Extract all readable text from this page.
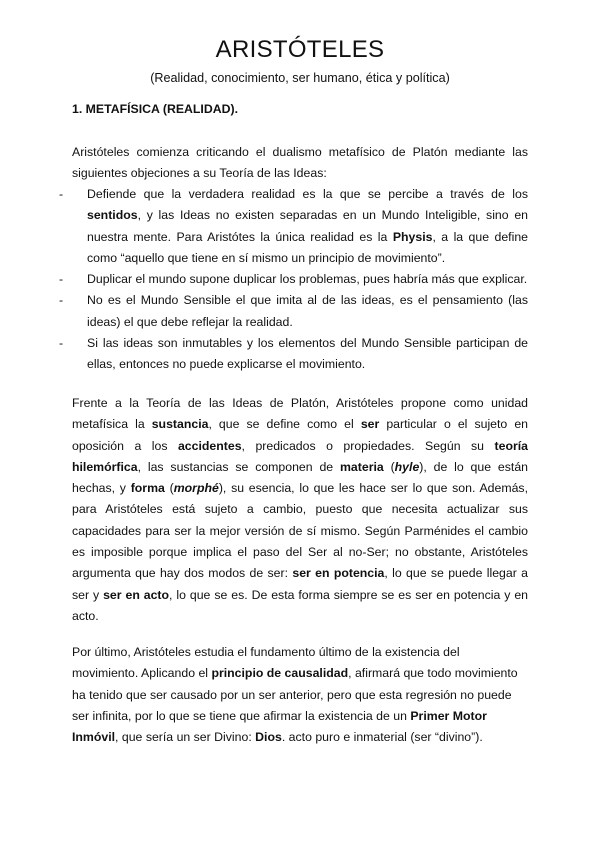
ARISTÓTELES
(Realidad, conocimiento, ser humano, ética y política)
1. METAFÍSICA (REALIDAD).
Aristóteles comienza criticando el dualismo metafísico de Platón mediante las siguientes objeciones a su Teoría de las Ideas:
- Defiende que la verdadera realidad es la que se percibe a través de los sentidos, y las Ideas no existen separadas en un Mundo Inteligible, sino en nuestra mente. Para Aristótes la única realidad es la Physis, a la que define como “aquello que tiene en sí mismo un principio de movimiento”.
- Duplicar el mundo supone duplicar los problemas, pues habría más que explicar.
- No es el Mundo Sensible el que imita al de las ideas, es el pensamiento (las ideas) el que debe reflejar la realidad.
- Si las ideas son inmutables y los elementos del Mundo Sensible participan de ellas, entonces no puede explicarse el movimiento.
Frente a la Teoría de las Ideas de Platón, Aristóteles propone como unidad metafísica la sustancia, que se define como el ser particular o el sujeto en oposición a los accidentes, predicados o propiedades. Según su teoría hilemórfica, las sustancias se componen de materia (hyle), de lo que están hechas, y forma (morphé), su esencia, lo que les hace ser lo que son. Además, para Aristóteles está sujeto a cambio, puesto que necesita actualizar sus capacidades para ser la mejor versión de sí mismo. Según Parménides el cambio es imposible porque implica el paso del Ser al no-Ser; no obstante, Aristóteles argumenta que hay dos modos de ser: ser en potencia, lo que se puede llegar a ser y ser en acto, lo que se es. De esta forma siempre se es ser en potencia y en acto.
Por último, Aristóteles estudia el fundamento último de la existencia del movimiento. Aplicando el principio de causalidad, afirmará que todo movimiento ha tenido que ser causado por un ser anterior, pero que esta regresión no puede ser infinita, por lo que se tiene que afirmar la existencia de un Primer Motor Inmóvil, que sería un ser Divino: Dios. acto puro e inmaterial (ser “divino”).
